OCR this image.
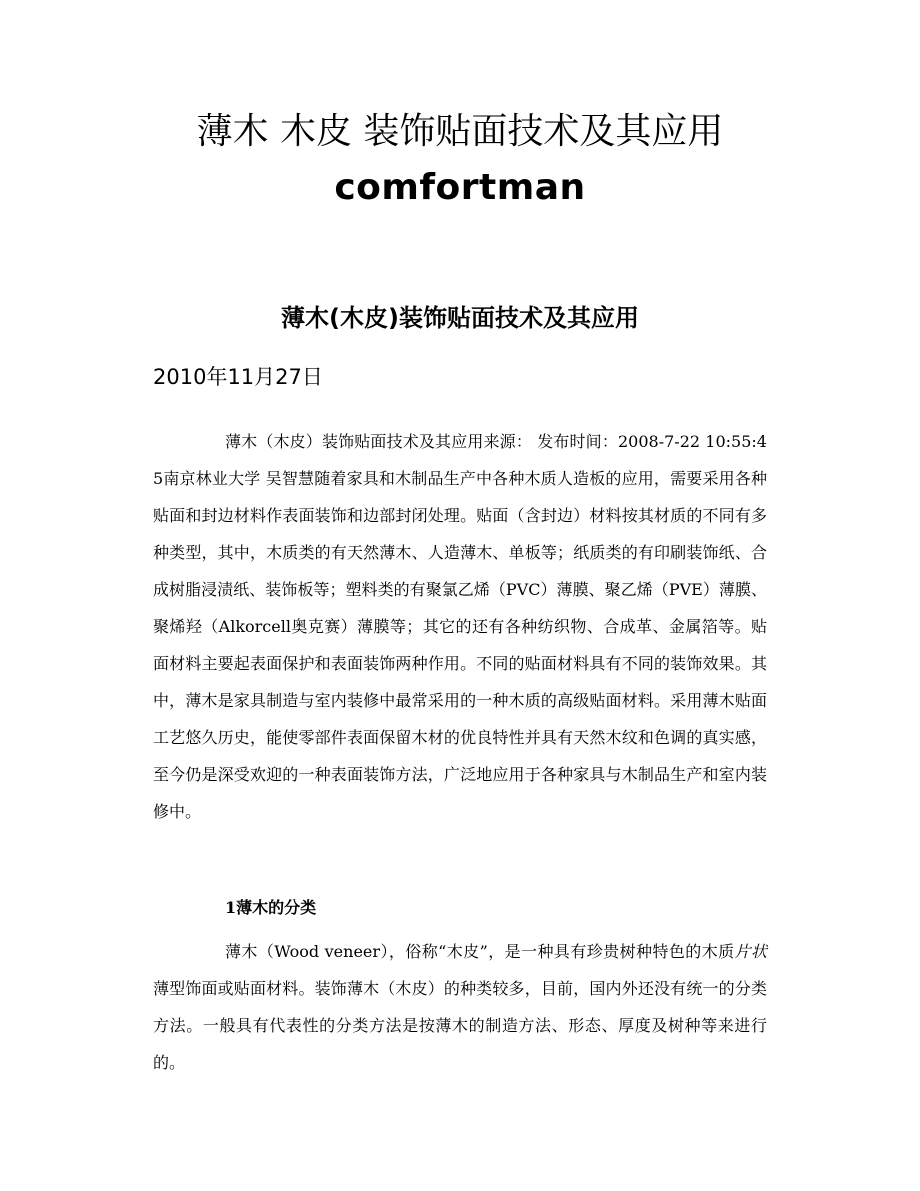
薄木 木皮 装饰贴面技术及其应用
comfortman
薄木(木皮)装饰贴面技术及其应用

2010年11月27日

薄木（木皮）装饰贴面技术及其应用来源： 发布时间：2008-7-22 10:55:45南京林业大学 吴智慧随着家具和木制品生产中各种木质人造板的应用，需要采用各种贴面和封边材料作表面装饰和边部封闭处理。贴面（含封边）材料按其材质的不同有多种类型，其中，木质类的有天然薄木、人造薄木、单板等；纸质类的有印刷装饰纸、合成树脂浸渍纸、装饰板等；塑料类的有聚氯乙烯（PVC）薄膜、聚乙烯（PVE）薄膜、聚烯羟（Alkorcell奥克赛）薄膜等；其它的还有各种纺织物、合成革、金属箔等。贴面材料主要起表面保护和表面装饰两种作用。不同的贴面材料具有不同的装饰效果。其中，薄木是家具制造与室内装修中最常采用的一种木质的高级贴面材料。采用薄木贴面工艺悠久历史，能使零部件表面保留木材的优良特性并具有天然木纹和色调的真实感，至今仍是深受欢迎的一种表面装饰方法，广泛地应用于各种家具与木制品生产和室内装修中。

1薄木的分类

薄木（Wood veneer），俗称“木皮”，是一种具有珍贵树种特色的木质片状薄型饰面或贴面材料。装饰薄木（木皮）的种类较多，目前，国内外还没有统一的分类方法。一般具有代表性的分类方法是按薄木的制造方法、形态、厚度及树种等来进行的。
